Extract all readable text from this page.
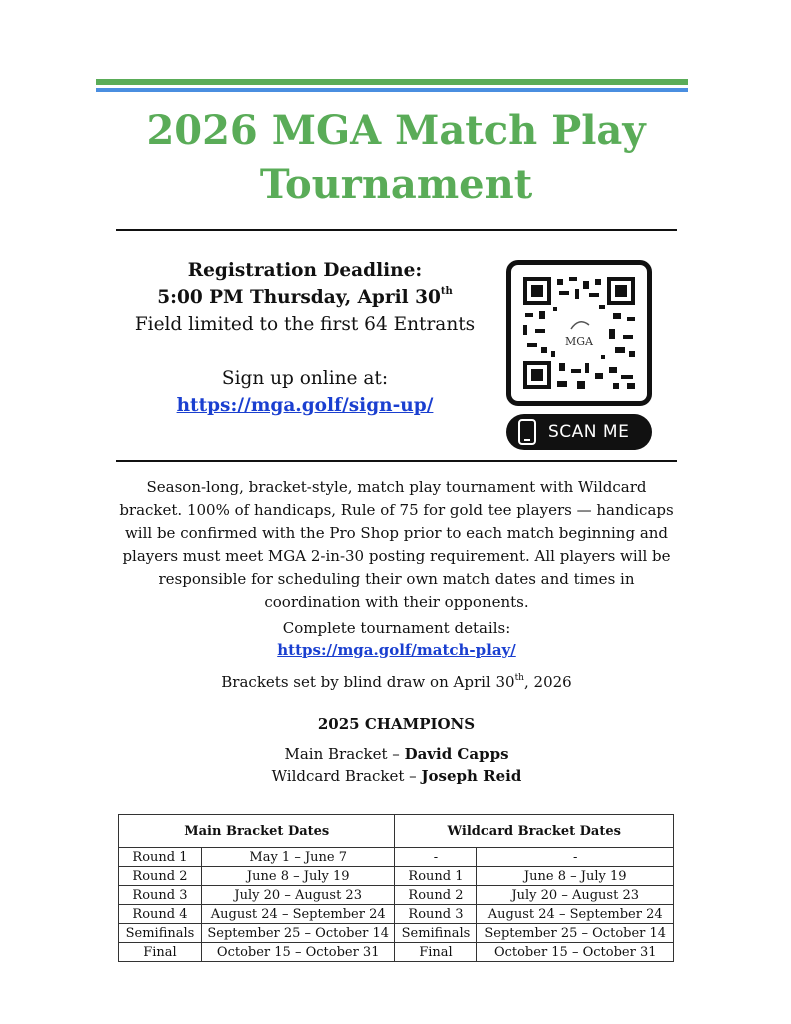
2026 MGA Match Play
Tournament
Registration Deadline:
5:00 PM Thursday, April 30th
Field limited to the first 64 Entrants
Sign up online at:
https://mga.golf/sign-up/
MGA
SCAN ME
Season-long, bracket-style, match play tournament with Wildcard bracket. 100% of handicaps, Rule of 75 for gold tee players — handicaps will be confirmed with the Pro Shop prior to each match beginning and players must meet MGA 2-in-30 posting requirement. All players will be responsible for scheduling their own match dates and times in coordination with their opponents.
Complete tournament details:
https://mga.golf/match-play/
Brackets set by blind draw on April 30th, 2026
2025 CHAMPIONS
Main Bracket – David Capps
Wildcard Bracket – Joseph Reid
Main Bracket Dates		Wildcard Bracket Dates	
Round 1	May 1 – June 7	-	-
Round 2	June 8 – July 19	Round 1	June 8 – July 19
Round 3	July 20 – August 23	Round 2	July 20 – August 23
Round 4	August 24 – September 24	Round 3	August 24 – September 24
Semifinals	September 25 – October 14	Semifinals	September 25 – October 14
Final	October 15 – October 31	Final	October 15 – October 31
